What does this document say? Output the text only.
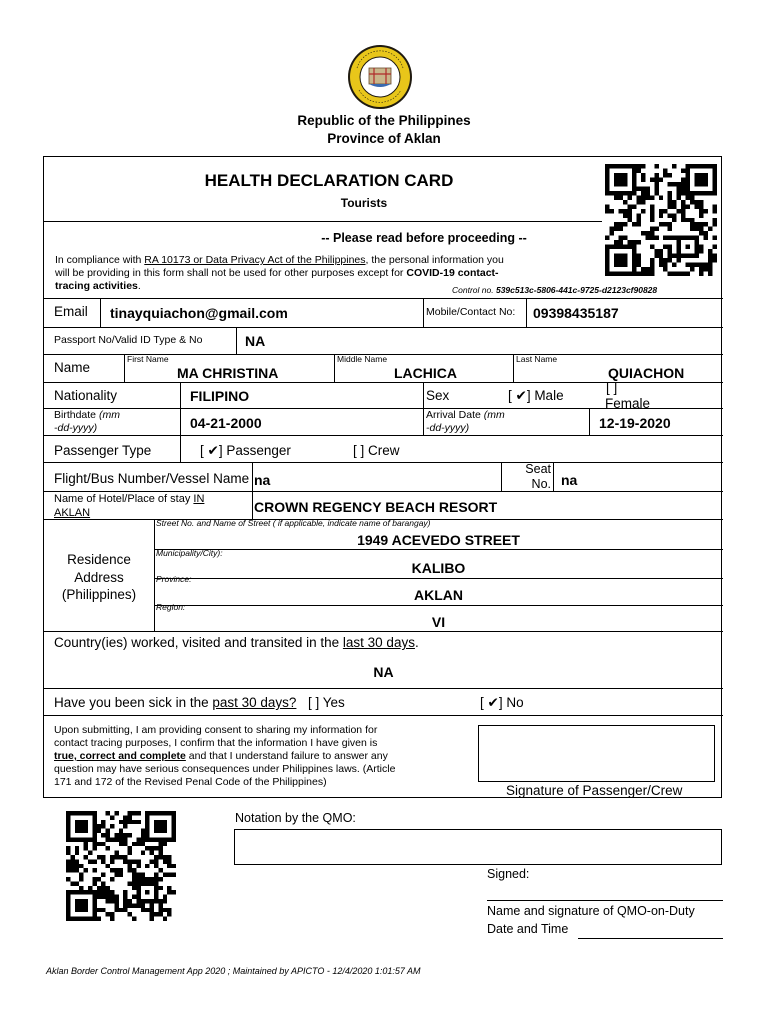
Republic of the Philippines
Province of Aklan
HEALTH DECLARATION CARD
Tourists
-- Please read before proceeding --
In compliance with RA 10173 or Data Privacy Act of the Philippines, the personal information you
will be providing in this form shall not be used for other purposes except for COVID-19 contact-
tracing activities.	Control no. 539c513c-5806-441c-9725-d2123cf90828
Email tinayquiachon@gmail.com	Mobile/Contact No: 09398435187
Passport No/Valid ID Type & No	NA
Name
First Name
MA CHRISTINA
Middle Name
LACHICA
Last Name
QUIACHON
Nationality	FILIPINO	Sex	[ ✔] Male
[ ]
Female
Birthdate (mm
-dd-yyyy)	04-21-2000	Arrival Date (mm
-dd-yyyy)	12-19-2020
Passenger Type	[ ✔] Passenger	[ ] Crew
Flight/Bus Number/Vessel Name na
Seat
No. na
Name of Hotel/Place of stay IN
AKLAN	CROWN REGENCY BEACH RESORT
Residence
Address
(Philippines)
Street No. and Name of Street ( if applicable, indicate name of barangay)
1949 ACEVEDO STREET
Municipality/City):
KALIBO
Province:
AKLAN
Region:
VI
Country(ies) worked, visited and transited in the last 30 days.
NA
Have you been sick in the past 30 days? [ ] Yes	[ ✔] No
Upon submitting, I am providing consent to sharing my information for
contact tracing purposes, I confirm that the information I have given is
true, correct and complete and that I understand failure to answer any
question may have serious consequences under Philippines laws. (Article
171 and 172 of the Revised Penal Code of the Philippines)
Signature of Passenger/Crew
Notation by the QMO:
Signed:
Name and signature of QMO-on-Duty
Date and Time
Aklan Border Control Management App 2020 ; Maintained by APICTO - 12/4/2020 1:01:57 AM
